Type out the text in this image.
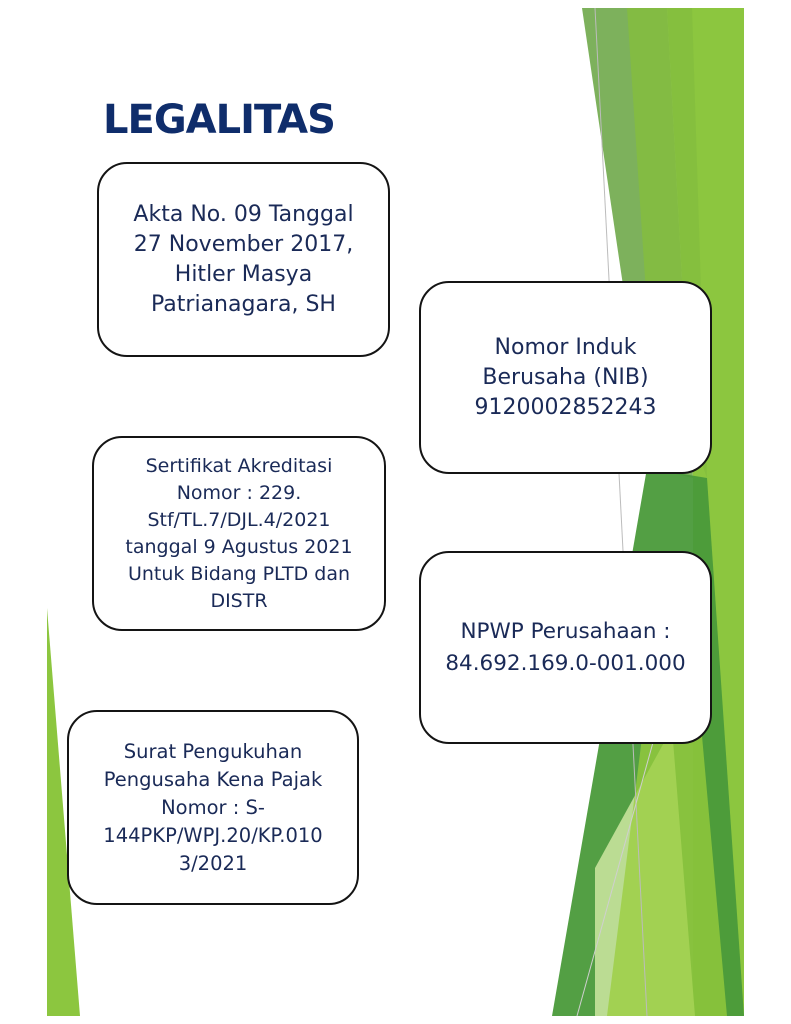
LEGALITAS
Akta No. 09 Tanggal
27 November 2017,
Hitler Masya
Patrianagara, SH
Nomor Induk
Berusaha (NIB)
9120002852243
Sertifikat Akreditasi
Nomor : 229.
Stf/TL.7/DJL.4/2021
tanggal 9 Agustus 2021
Untuk Bidang PLTD dan
DISTR
NPWP Perusahaan :
84.692.169.0-001.000
Surat Pengukuhan
Pengusaha Kena Pajak
Nomor : S-
144PKP/WPJ.20/KP.010
3/2021
